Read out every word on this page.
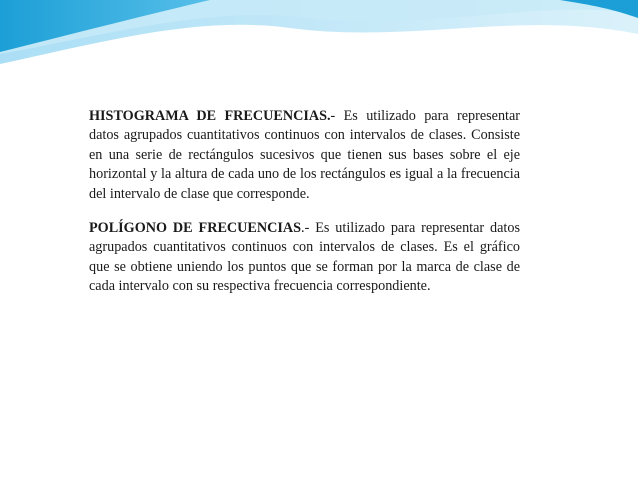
HISTOGRAMA DE FRECUENCIAS.- Es utilizado para representar datos agrupados cuantitativos continuos con intervalos de clases. Consiste en una serie de rectángulos sucesivos que tienen sus bases sobre el eje horizontal y la altura de cada uno de los rectángulos es igual a la frecuencia del intervalo de clase que corresponde.

POLÍGONO DE FRECUENCIAS.- Es utilizado para representar datos agrupados cuantitativos continuos con intervalos de clases. Es el gráfico que se obtiene uniendo los puntos que se forman por la marca de clase de cada intervalo con su respectiva frecuencia correspondiente.
